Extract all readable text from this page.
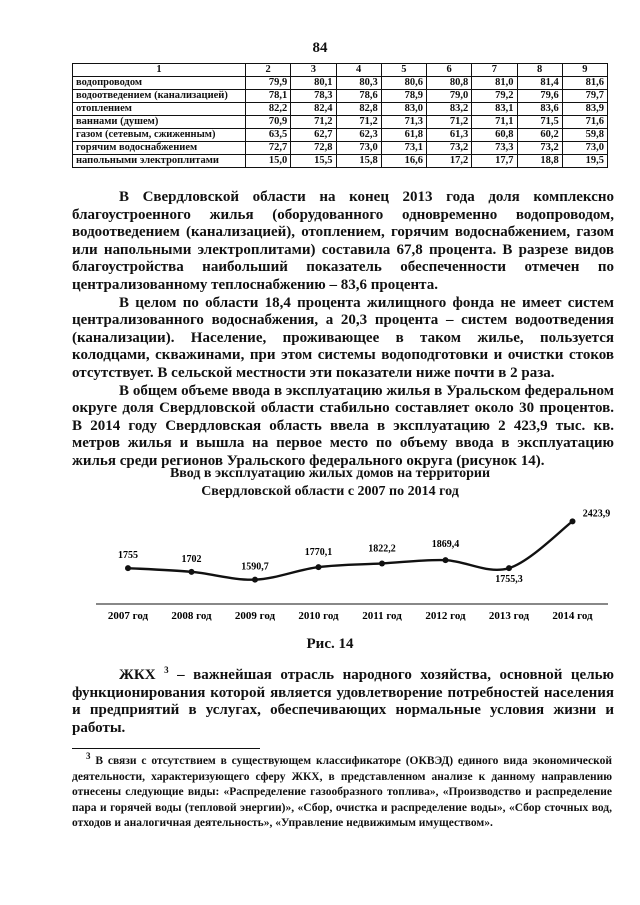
84
1	2	3	4	5	6	7	8	9
водопроводом	79,9	80,1	80,3	80,6	80,8	81,0	81,4	81,6
водоотведением (канализацией)	78,1	78,3	78,6	78,9	79,0	79,2	79,6	79,7
отоплением	82,2	82,4	82,8	83,0	83,2	83,1	83,6	83,9
ваннами (душем)	70,9	71,2	71,2	71,3	71,2	71,1	71,5	71,6
газом (сетевым, сжиженным)	63,5	62,7	62,3	61,8	61,3	60,8	60,2	59,8
горячим водоснабжением	72,7	72,8	73,0	73,1	73,2	73,3	73,2	73,0
напольными электроплитами	15,0	15,5	15,8	16,6	17,2	17,7	18,8	19,5

В Свердловской области на конец 2013 года доля комплексно благоустроенного жилья (оборудованного одновременно водопроводом, водоотведением (канализацией), отоплением, горячим водоснабжением, газом или напольными электроплитами) составила 67,8 процента. В разрезе видов благоустройства наибольший показатель обеспеченности отмечен по централизованному теплоснабжению – 83,6 процента.

В целом по области 18,4 процента жилищного фонда не имеет систем централизованного водоснабжения, а 20,3 процента – систем водоотведения (канализации). Население, проживающее в таком жилье, пользуется колодцами, скважинами, при этом системы водоподготовки и очистки стоков отсутствует. В сельской местности эти показатели ниже почти в 2 раза.

В общем объеме ввода в эксплуатацию жилья в Уральском федеральном округе доля Свердловской области стабильно составляет около 30 процентов. В 2014 году Свердловская область ввела в эксплуатацию 2 423,9 тыс. кв. метров жилья и вышла на первое место по объему ввода в эксплуатацию жилья среди регионов Уральского федерального округа (рисунок 14).

Ввод в эксплуатацию жилых домов на территории Свердловской области с 2007 по 2014 год
1755	1702
1590,7
1770,1	1822,2	1869,4
1755,3
2423,9
2007 год 2008 год 2009 год 2010 год 2011 год 2012 год 2013 год 2014 год
Рис. 14

ЖКХ $^3$ – важнейшая отрасль народного хозяйства, основной целью функционирования которой является удовлетворение потребностей населения и предприятий в услугах, обеспечивающих нормальные условия жизни и работы.

$^3$ В связи с отсутствием в существующем классификаторе (ОКВЭД) единого вида экономической деятельности, характеризующего сферу ЖКХ, в представленном анализе к данному направлению отнесены следующие виды: «Распределение газообразного топлива», «Производство и распределение пара и горячей воды (тепловой энергии)», «Сбор, очистка и распределение воды», «Сбор сточных вод, отходов и аналогичная деятельность», «Управление недвижимым имуществом».
